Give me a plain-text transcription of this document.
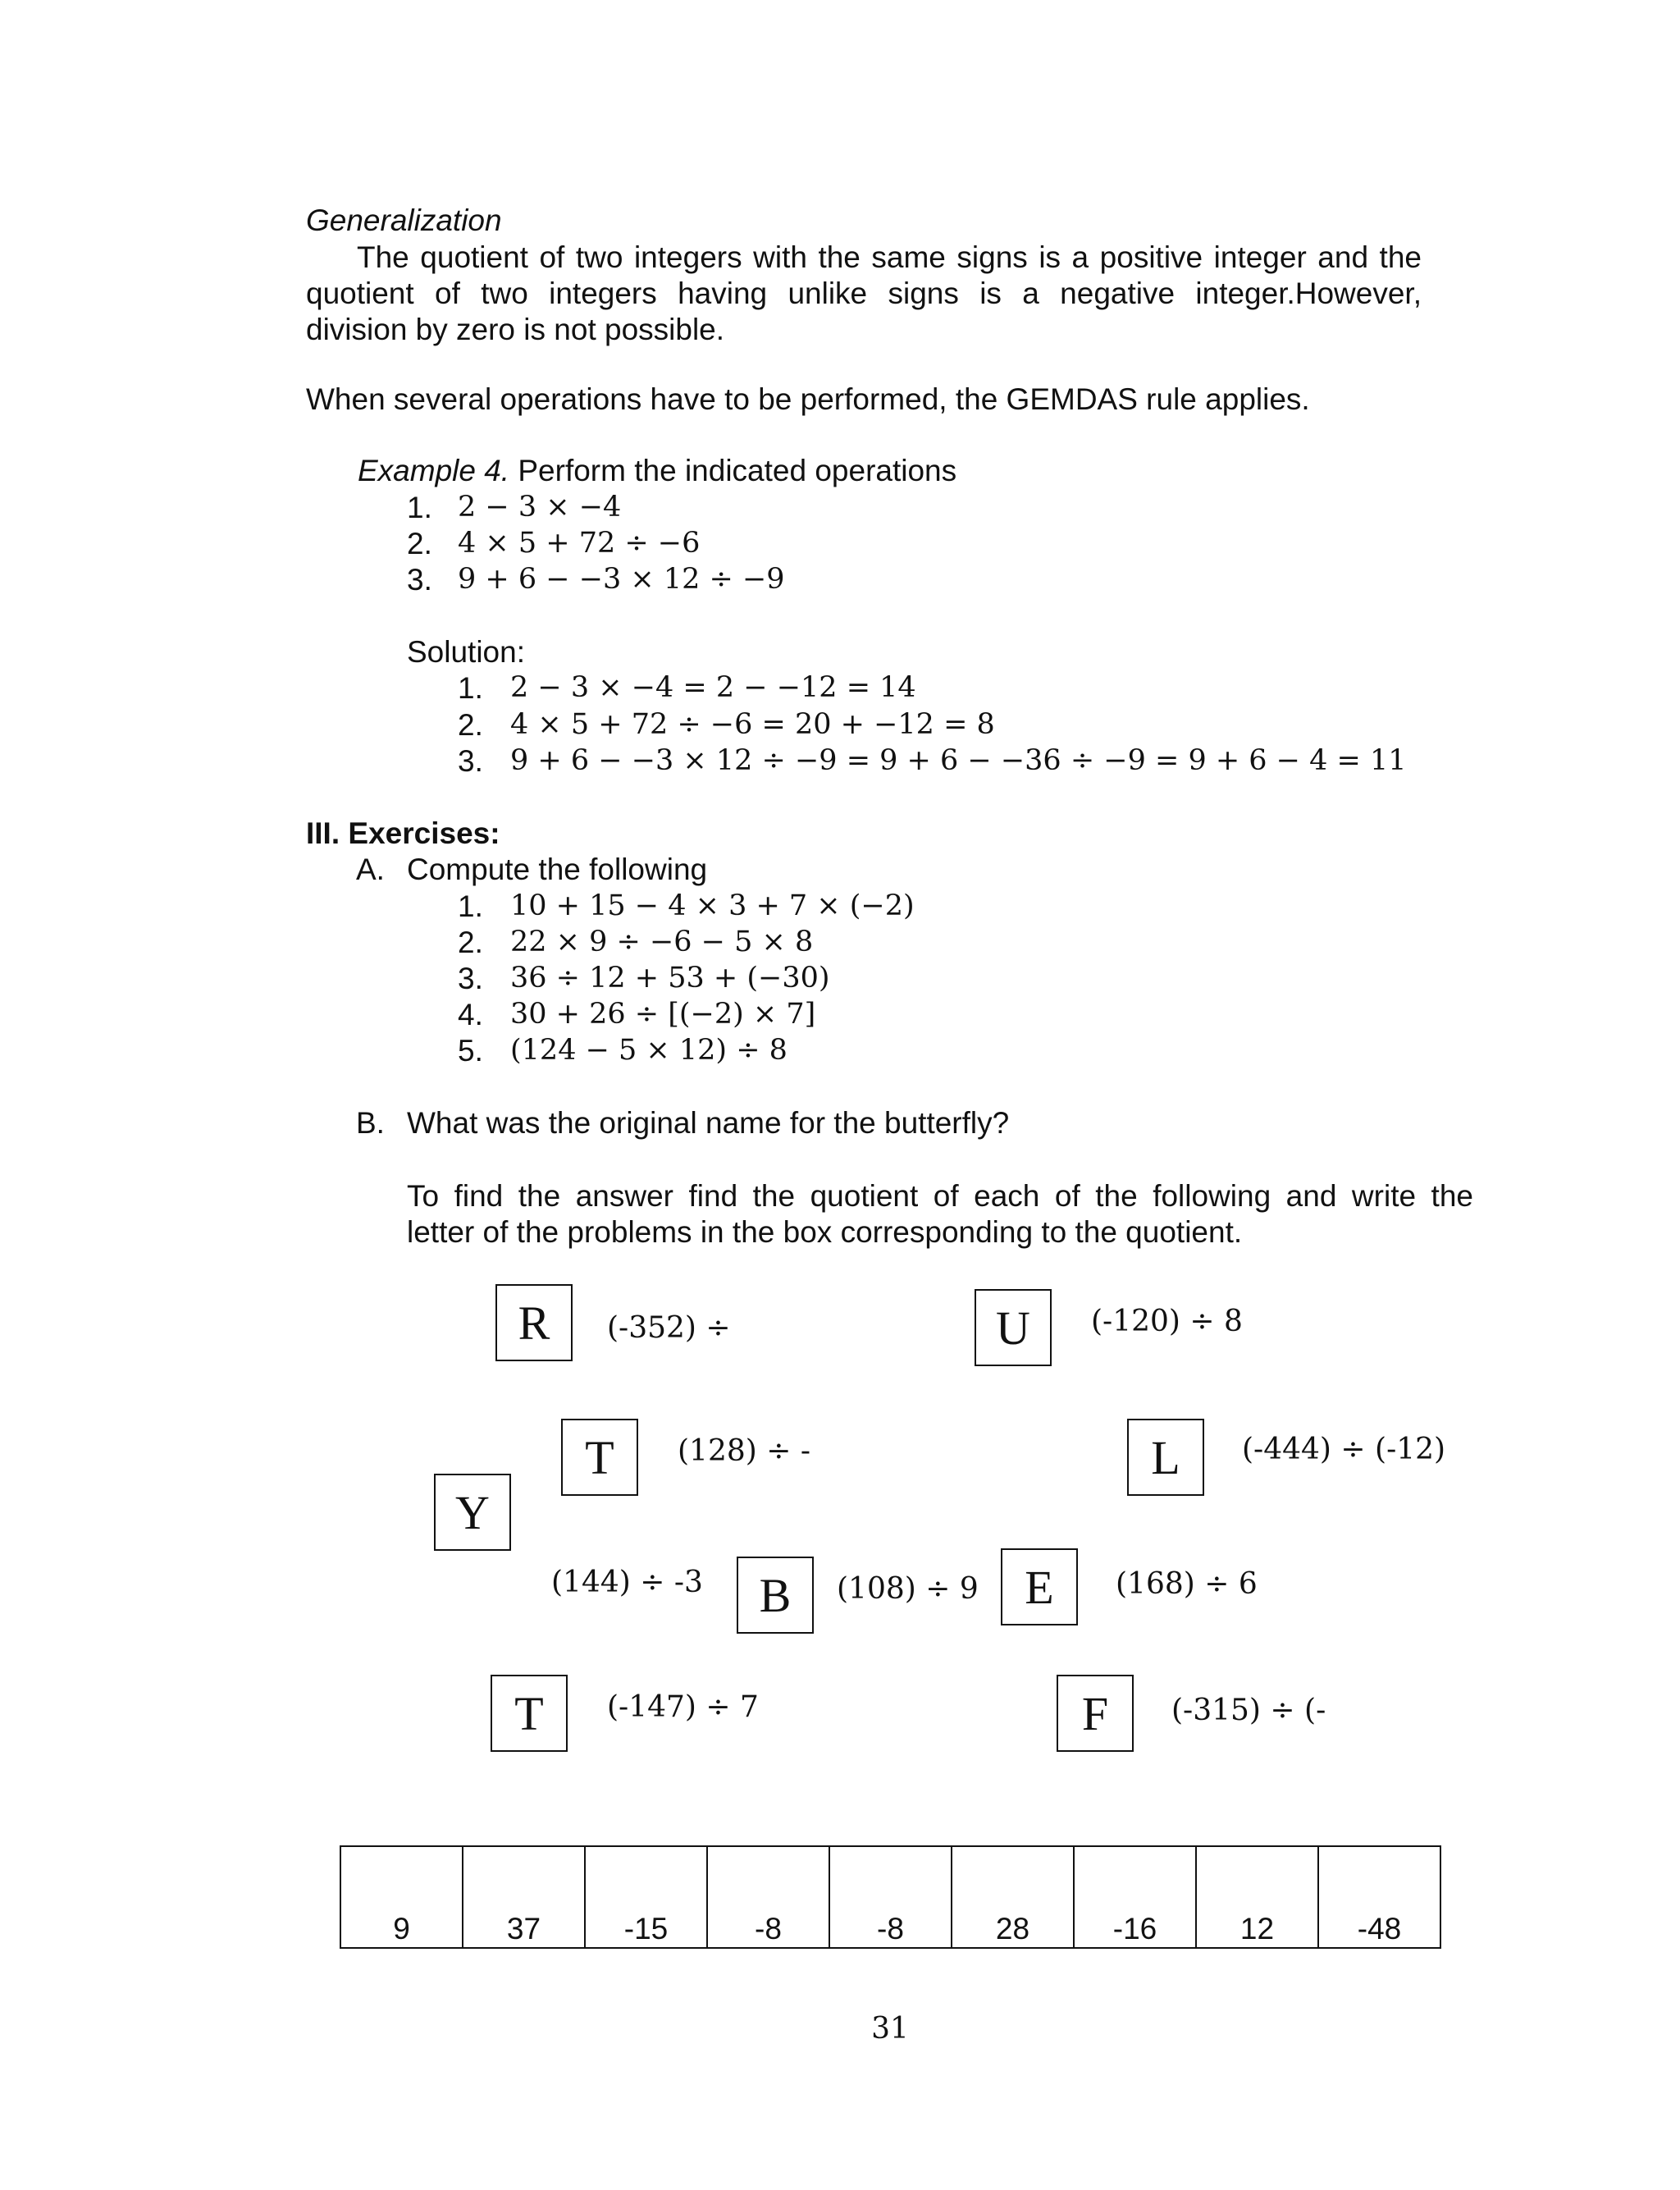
Generalization
The quotient of two integers with the same signs is a positive integer and the
quotient of two integers having unlike signs is a negative integer.However,
division by zero is not possible.
When several operations have to be performed, the GEMDAS rule applies.
Example 4. Perform the indicated operations
1. 2 − 3 × −4
2. 4 × 5 + 72 ÷ −6
3. 9 + 6 − −3 × 12 ÷ −9
Solution:
1. 2 − 3 × −4 = 2 − −12 = 14
2. 4 × 5 + 72 ÷ −6 = 20 + −12 = 8
3. 9 + 6 − −3 × 12 ÷ −9 = 9 + 6 − −36 ÷ −9 = 9 + 6 − 4 = 11
III. Exercises:
A. Compute the following
1. 10 + 15 − 4 × 3 + 7 × (−2)
2. 22 × 9 ÷ −6 − 5 × 8
3. 36 ÷ 12 + 53 + (−30)
4. 30 + 26 ÷ [(−2) × 7]
5. (124 − 5 × 12) ÷ 8
B. What was the original name for the butterfly?
To find the answer find the quotient of each of the following and write the
letter of the problems in the box corresponding to the quotient.
R	(-352) ÷	U	(-120) ÷ 8
T	(128) ÷ -	L	(-444) ÷ (-12)
Y
(144) ÷ -3	B	(108) ÷ 9 E	(168) ÷ 6
T	(-147) ÷ 7	F	(-315) ÷ (-
9	37	-15	-8	-8	28	-16	12	-48
31
